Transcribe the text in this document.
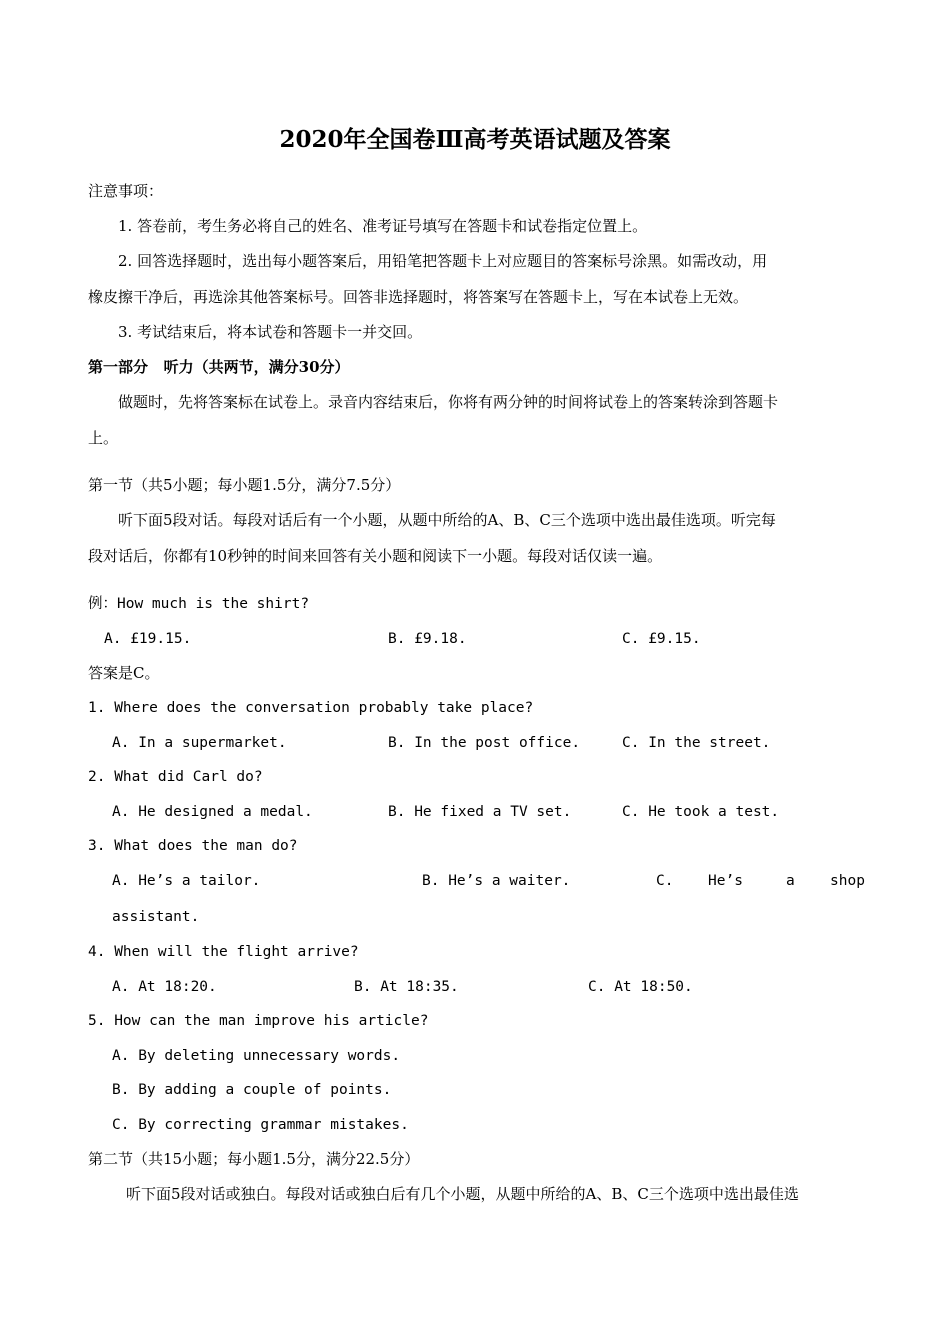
2020年全国卷Ⅲ高考英语试题及答案
注意事项：
1. 答卷前，考生务必将自己的姓名、准考证号填写在答题卡和试卷指定位置上。
2. 回答选择题时，选出每小题答案后，用铅笔把答题卡上对应题目的答案标号涂黑。如需改动，用
橡皮擦干净后，再选涂其他答案标号。回答非选择题时，将答案写在答题卡上，写在本试卷上无效。
3. 考试结束后，将本试卷和答题卡一并交回。
第一部分   听力（共两节，满分30分）
做题时，先将答案标在试卷上。录音内容结束后，你将有两分钟的时间将试卷上的答案转涂到答题卡
上。
第一节（共5小题；每小题1.5分，满分7.5分）
听下面5段对话。每段对话后有一个小题，从题中所给的A、B、C三个选项中选出最佳选项。听完每
段对话后，你都有10秒钟的时间来回答有关小题和阅读下一小题。每段对话仅读一遍。
例：How much is the shirt?
A. £19.15.	B. £9.18.	C. £9.15.
答案是C。
1. Where does the conversation probably take place?
A. In a supermarket.	B. In the post office.	C. In the street.
2. What did Carl do?
A. He designed a medal.	B. He fixed a TV set.	C. He took a test.
3. What does the man do?
A. He’s a tailor.	B. He’s a waiter.	C. He’s	a shop
assistant.
4. When will the flight arrive?
A. At 18:20.	B. At 18:35.	C. At 18:50.
5. How can the man improve his article?
A. By deleting unnecessary words.
B. By adding a couple of points.
C. By correcting grammar mistakes.
第二节（共15小题；每小题1.5分，满分22.5分）
听下面5段对话或独白。每段对话或独白后有几个小题，从题中所给的A、B、C三个选项中选出最佳选
